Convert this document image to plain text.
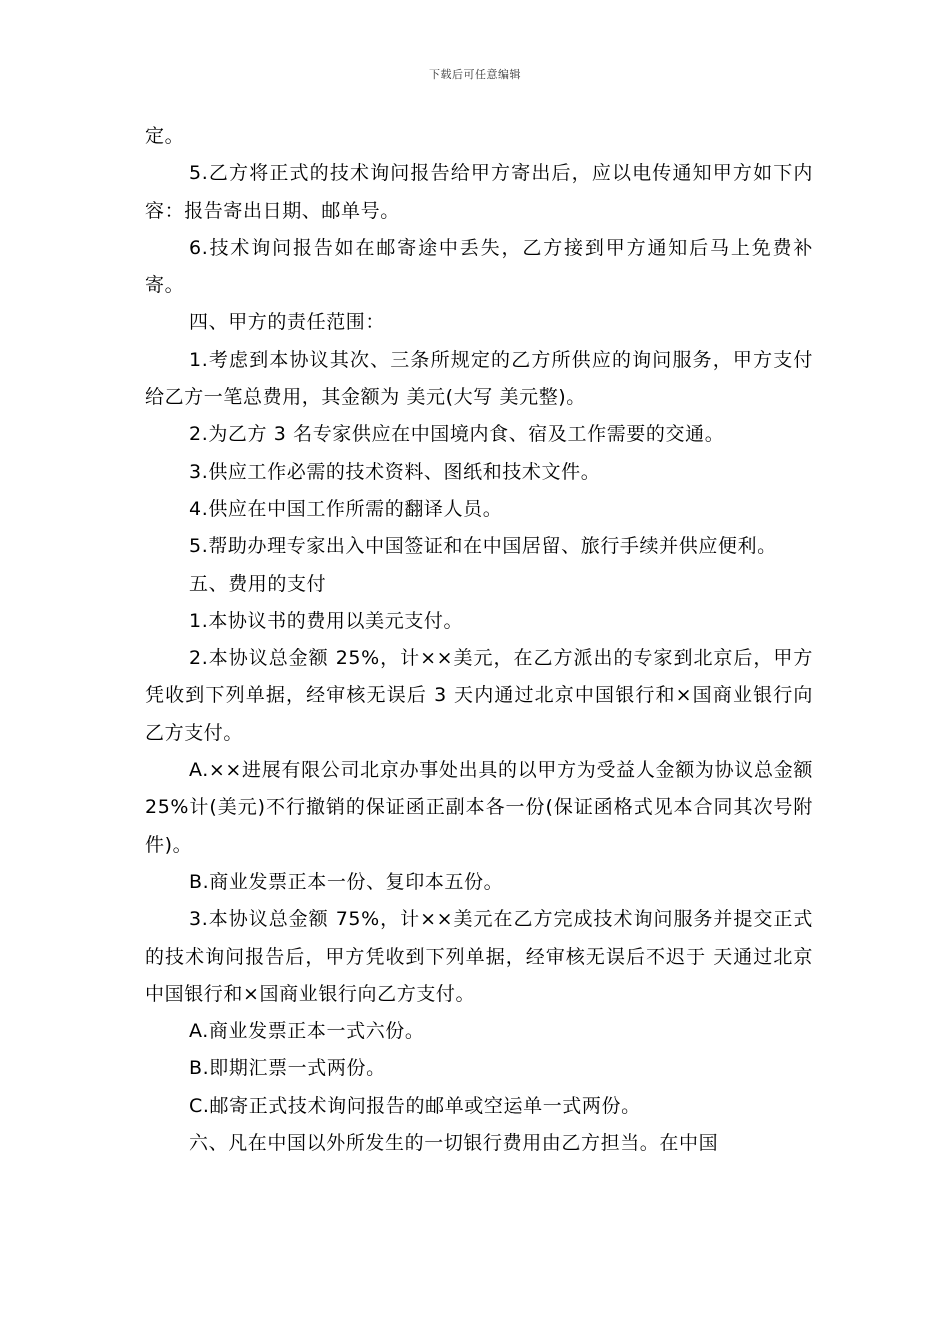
下载后可任意编辑

定。

5.乙方将正式的技术询问报告给甲方寄出后，应以电传通知甲方如下内容：报告寄出日期、邮单号。

6.技术询问报告如在邮寄途中丢失，乙方接到甲方通知后马上免费补寄。

四、甲方的责任范围：

1.考虑到本协议其次、三条所规定的乙方所供应的询问服务，甲方支付给乙方一笔总费用，其金额为 美元(大写 美元整)。

2.为乙方 3 名专家供应在中国境内食、宿及工作需要的交通。

3.供应工作必需的技术资料、图纸和技术文件。

4.供应在中国工作所需的翻译人员。

5.帮助办理专家出入中国签证和在中国居留、旅行手续并供应便利。

五、费用的支付

1.本协议书的费用以美元支付。

2.本协议总金额 25%，计××美元，在乙方派出的专家到北京后，甲方凭收到下列单据，经审核无误后 3 天内通过北京中国银行和×国商业银行向乙方支付。

A.××进展有限公司北京办事处出具的以甲方为受益人金额为协议总金额 25%计(美元)不行撤销的保证函正副本各一份(保证函格式见本合同其次号附件)。

B.商业发票正本一份、复印本五份。

3.本协议总金额 75%，计××美元在乙方完成技术询问服务并提交正式的技术询问报告后，甲方凭收到下列单据，经审核无误后不迟于 天通过北京中国银行和×国商业银行向乙方支付。

A.商业发票正本一式六份。

B.即期汇票一式两份。

C.邮寄正式技术询问报告的邮单或空运单一式两份。

六、凡在中国以外所发生的一切银行费用由乙方担当。在中国
